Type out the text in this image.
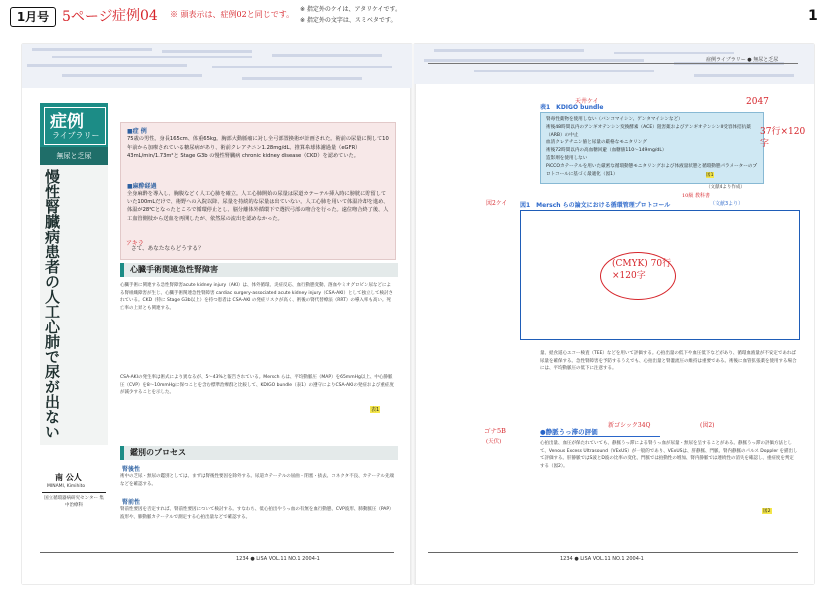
1月号 5ページ 症例04 ※ 頭表示は、症例02と同じです。
※ 指定外のケイは、アタリケイです。
※ 指定外の文字は、スミベタです。	1
症例
ライブラリー
無尿と乏尿
慢性腎臓病患者の人工心肺で尿が出ない
南 公人
MINAMI, Kimihito
国立循環器病研究センター 集中治療科
■症 例
75歳の男性。身長165cm、体重65kg。胸部大動脈瘤に対し全弓部置換術が計画された。術前の尿量に関して10年前から加療されている糖尿病があり、術前クレアチニン1.28mg/dL、推算糸球体濾過量（eGFR）43mL/min/1.73m²と Stage G3b の慢性腎臓病 chronic kidney disease（CKD）を認めていた。
■麻酔経過
全身麻酔を導入し、胸腹などく人工心肺を確立。人工心肺開始の尿量は尿道カテーテル挿入時に膀胱に貯留していた100mLだけで、術野への入院以降、尿量を持続的な尿量は出ていない。人工心肺を用いて体温冷却を進め、体温が28℃となったところで循環停止とし、脳分離体外循環下で選択弓部の吻合を行った。遠位吻合終了後、人工血管側枝から送血を再開したが、依然尿の流出を認めなかった。
さて、あなたならどうする？
アキラ
心臓手術関連急性腎障害
心臓手術に関連する急性腎障害acute kidney injury（AKI）は、体外循環、炎症反応、血行動態変動、溶血やミオグロビン尿などによる腎組織障害が生じ、心臓手術関連急性腎障害 cardiac surgery-associated acute kidney injury（CSA-AKI）として独立して検討されている。CKD（特に Stage G3b以上）を持つ患者は CSA-AKI の発症リスクが高く、術後の腎代替療法（RRT）の導入率も高い。死亡率の上昇とも関連する。
CSA-AKIの発生率は術式により異なるが、5～43%と報告されている。Mersch らは、平均動脈圧（MAP）を65mmHg以上、中心静脈圧（CVP）を8～10mmHgに保つことを含む標準治療群と比較して、KDIGO bundle（表1）の遵守によりCSA-AKIの発症および重症度が減少することを示した。
表1
鑑別のプロセス
腎後性
術中の乏尿・無尿の鑑別としては、まずは腎後性要因を除外する。尿道カテーテルの屈曲・閉塞・抜去、コネクタ不良、カテーテル先端などを確認する。
腎前性
腎前性要因を否定すれば、腎前性要因について検討する。すなわち、低心拍出やうっ血の有無を血行動態、CVP波形、肺動脈圧（PAP）波形や、肺動脈カテーテルで測定する心拍出量などで確認する。
1234 ● LiSA VOL.11 NO.1 2004-1
症例ライブラリー ● 無尿と乏尿
天井ケイ	2047
表1　KDIGO bundle
腎毒性薬物を使用しない（バンコマイシン、ゲンタマイシンなど）
術後48時間以内のアンギオテンシン変換酵素（ACE）阻害薬およびアンギオテンシンII受容体拮抗薬（ARB）の中止
血清クレアチニン値と尿量の厳格なモニタリング
術後72時間以内の高血糖回避（血糖値110～149mg/dL）
造影剤を使用しない
PiCCOカテーテルを用いた厳密な循環動態モニタリングおよび体液量状態と循環動態パラメーターのプロトコールに基づく最適化（図1）	図1
（文献4より作成）
10級 教科書
37行×120字
図1　Mersch らの論文における循環管理プロトコール	（文献3より）
図2ケイ
(CMYK) 70行×120字
量、経食道心エコー検査（TEE）などを用いて評価する。心拍出量の低下や血圧低下などがあり、循環血液量が不安定であれば尿量を確保する。急性腎障害を予防するうえでも、心拍出量と腎灌流圧の維持は重要である。術後に血管拡張薬を使用する場合には、平均動脈圧の低下に注意する。
ゴナ5B
(天伏)
新ゴシック34Q	(図2)
●静脈うっ滞の評価
心拍出量、血圧が保たれていても、静脈うっ滞による腎うっ血が尿量・無尿を呈することがある。静脈うっ滞の評価方法として、Venous Excess Ultrasound（VExUS）が一般的であり、VExUSは、肝静脈、門脈、腎内静脈のパルス Doppler を描出して評価する。肝静脈ではS波とD波の比率の変化、門脈では拍動性の増加、腎内静脈では連続性の消失を確認し、重症度を判定する（図2）。
図2
1234 ● LiSA VOL.11 NO.1 2004-1
